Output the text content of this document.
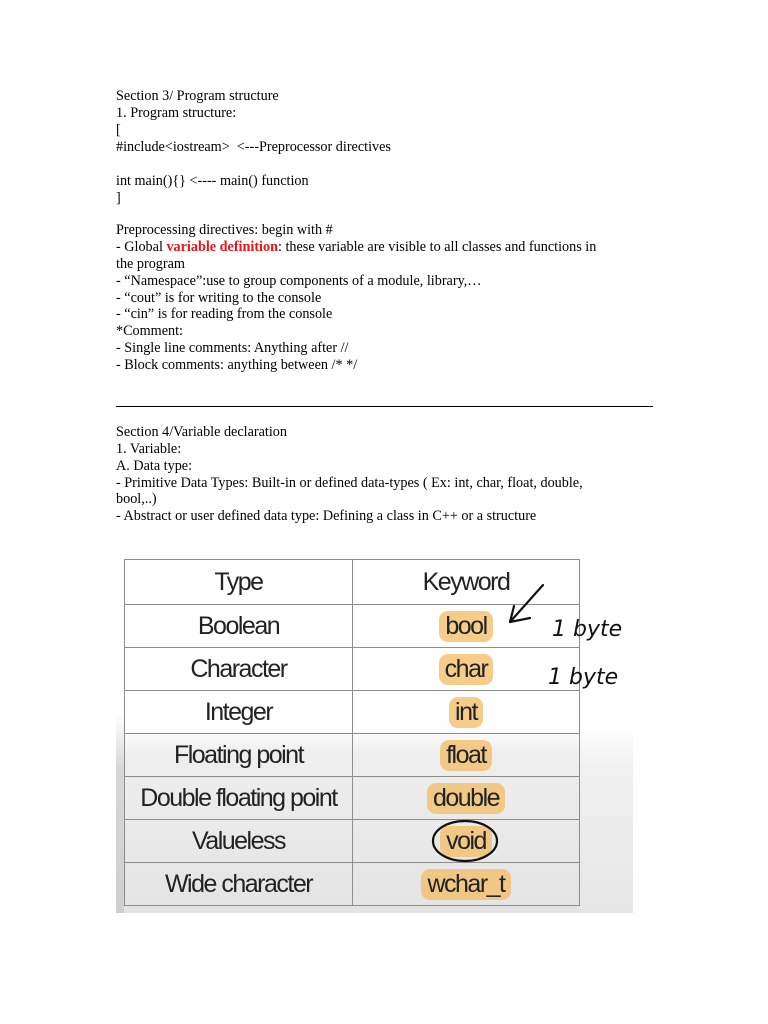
Section 3/ Program structure
1. Program structure:
[
#include<iostream>  <---Preprocessor directives
int main(){} <---- main() function
]
Preprocessing directives: begin with #
- Global variable definition: these variable are visible to all classes and functions in
the program
- “Namespace”:use to group components of a module, library,…
- “cout” is for writing to the console
- “cin” is for reading from the console
*Comment:
- Single line comments: Anything after //
- Block comments: anything between /* */
Section 4/Variable declaration
1. Variable:
A. Data type:
- Primitive Data Types: Built-in or defined data-types ( Ex: int, char, float, double,
bool,..)
- Abstract or user defined data type: Defining a class in C++ or a structure
Type	Keyword
Boolean	bool
Character	char
Integer	int
Floating point	float
Double floating point	double
Valueless	void
Wide character	wchar_t
1 byte
1 byte
